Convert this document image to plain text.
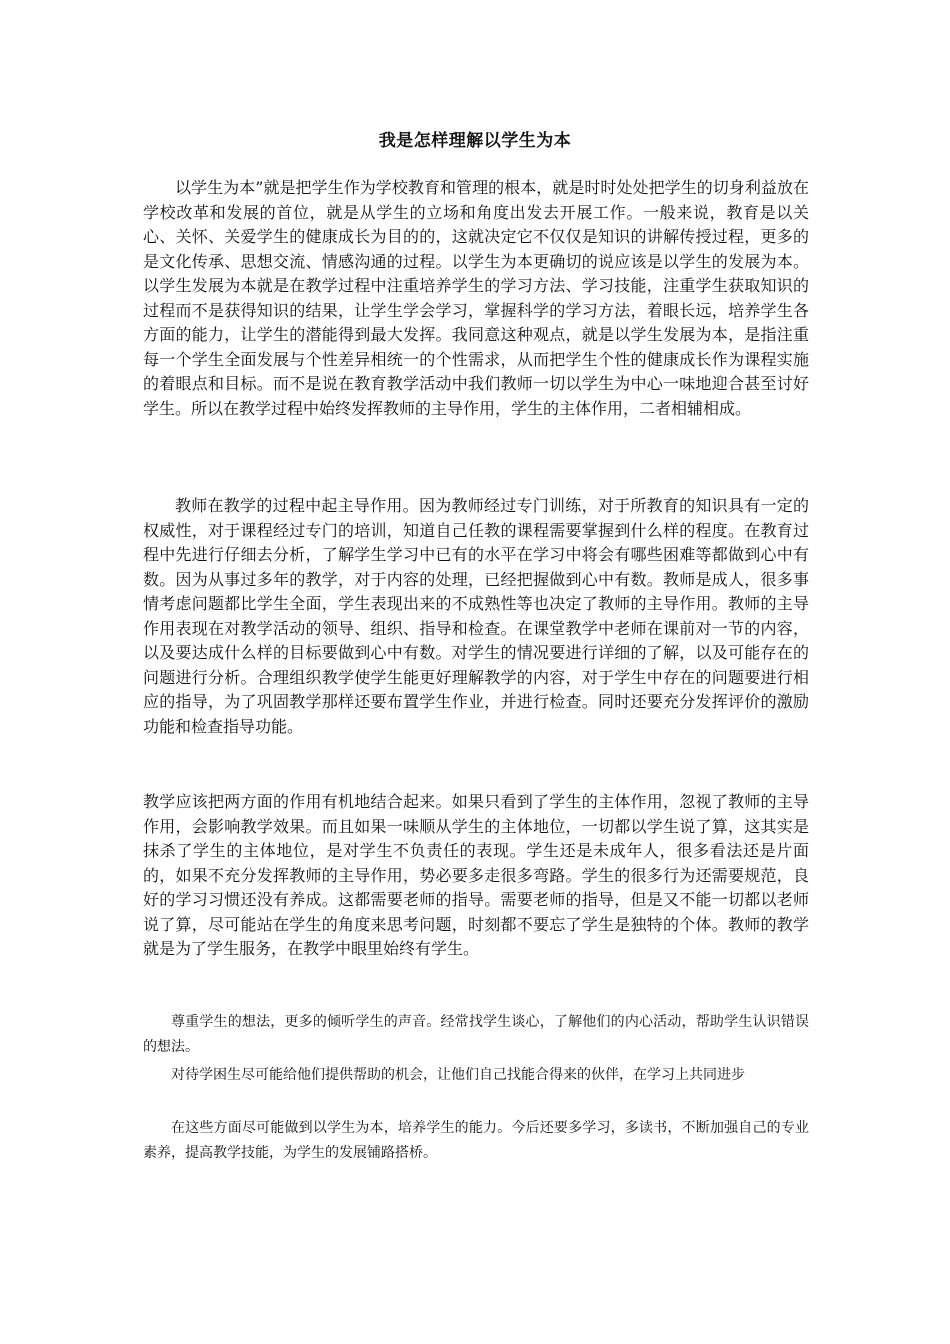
我是怎样理解以学生为本

以学生为本”就是把学生作为学校教育和管理的根本，就是时时处处把学生的切身利益放在学校改革和发展的首位，就是从学生的立场和角度出发去开展工作。一般来说，教育是以关心、关怀、关爱学生的健康成长为目的的，这就决定它不仅仅是知识的讲解传授过程，更多的是文化传承、思想交流、情感沟通的过程。以学生为本更确切的说应该是以学生的发展为本。以学生发展为本就是在教学过程中注重培养学生的学习方法、学习技能，注重学生获取知识的过程而不是获得知识的结果，让学生学会学习，掌握科学的学习方法，着眼长远，培养学生各方面的能力，让学生的潜能得到最大发挥。我同意这种观点，就是以学生发展为本，是指注重每一个学生全面发展与个性差异相统一的个性需求，从而把学生个性的健康成长作为课程实施的着眼点和目标。而不是说在教育教学活动中我们教师一切以学生为中心一味地迎合甚至讨好学生。所以在教学过程中始终发挥教师的主导作用，学生的主体作用，二者相辅相成。

教师在教学的过程中起主导作用。因为教师经过专门训练，对于所教育的知识具有一定的权威性，对于课程经过专门的培训，知道自己任教的课程需要掌握到什么样的程度。在教育过程中先进行仔细去分析，了解学生学习中已有的水平在学习中将会有哪些困难等都做到心中有数。因为从事过多年的教学，对于内容的处理，已经把握做到心中有数。教师是成人，很多事情考虑问题都比学生全面，学生表现出来的不成熟性等也决定了教师的主导作用。教师的主导作用表现在对教学活动的领导、组织、指导和检查。在课堂教学中老师在课前对一节的内容，以及要达成什么样的目标要做到心中有数。对学生的情况要进行详细的了解，以及可能存在的问题进行分析。合理组织教学使学生能更好理解教学的内容，对于学生中存在的问题要进行相应的指导，为了巩固教学那样还要布置学生作业，并进行检查。同时还要充分发挥评价的激励功能和检查指导功能。

教学应该把两方面的作用有机地结合起来。如果只看到了学生的主体作用，忽视了教师的主导作用，会影响教学效果。而且如果一味顺从学生的主体地位，一切都以学生说了算，这其实是抹杀了学生的主体地位，是对学生不负责任的表现。学生还是未成年人，很多看法还是片面的，如果不充分发挥教师的主导作用，势必要多走很多弯路。学生的很多行为还需要规范，良好的学习习惯还没有养成。这都需要老师的指导。需要老师的指导，但是又不能一切都以老师说了算，尽可能站在学生的角度来思考问题，时刻都不要忘了学生是独特的个体。教师的教学就是为了学生服务，在教学中眼里始终有学生。

尊重学生的想法，更多的倾听学生的声音。经常找学生谈心，了解他们的内心活动，帮助学生认识错误的想法。

对待学困生尽可能给他们提供帮助的机会，让他们自己找能合得来的伙伴，在学习上共同进步

在这些方面尽可能做到以学生为本，培养学生的能力。今后还要多学习，多读书，不断加强自己的专业素养，提高教学技能，为学生的发展铺路搭桥。
